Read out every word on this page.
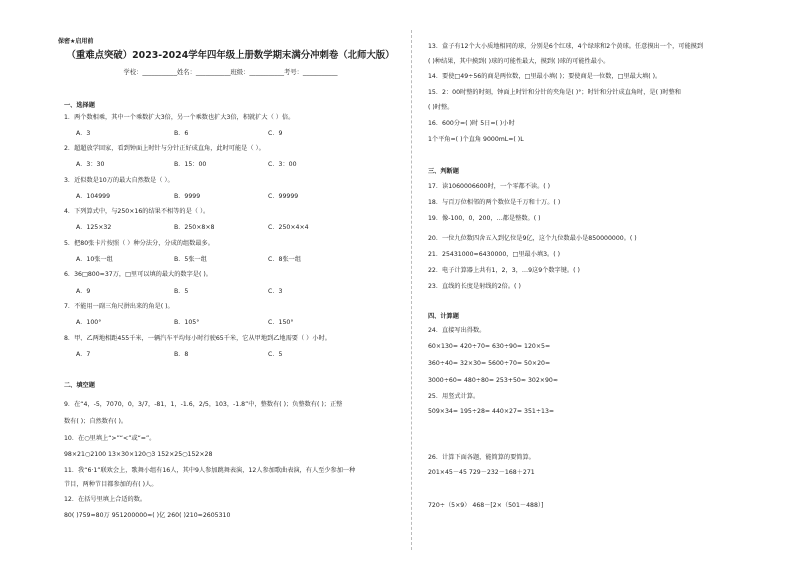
保密★启用前
（重难点突破）2023-2024学年四年级上册数学期末满分冲刺卷（北师大版）
学校：___________姓名：___________班级：___________考号：___________
一、选择题
1．两个数相乘，其中一个乘数扩大3倍，另一个乘数也扩大3倍，积就扩大（ ）倍。
A．3	B．6	C．9
2．超超放学回家，看到钟面上时针与分针正好成直角，此时可能是（ ）。
A．3：30	B．15：00	C．3：00
3．近似数是10万的最大自然数是（ ）。
A．104999	B．9999	C．99999
4．下列算式中，与250×16的结果不相等的是（ ）。
A．125×32	B．250×8×8	C．250×4×4
5．把80张卡片按照（ ）种分法分，分成的组数最多。
A．10张一组	B．5张一组	C．8张一组
6．36□800≈37万，□里可以填的最大的数字是( )。
A．9	B．5	C．3
7．不能用一副三角尺拼出来的角是( )。
A．100°	B．105°	C．150°
8．甲、乙两地相距455千米，一辆汽车平均每小时行驶65千米，它从甲地到乙地需要（ ）小时。
A．7	B．8	C．5
二、填空题
9．在“4，-5，7070，0，3/7，-81，1，-1.6，2/5，103，-1.8”中，整数有( )；负整数有( )；正整
数有( )；自然数有( )。
10．在○里填上“>”“<”或“=”。
98×21○2100 13×30×120○3 152×25○152×28
11．我“6·1”联欢会上，歌舞小组有16人，其中9人参加跳舞表演，12人参加歌曲表演，有人至少参加一种
节目，两种节目都参加的有( )人。
12．在括号里填上合适的数。
80( )759≈80万 951200000≈( )亿 260( )210≈2605310
13．盒子有12个大小质地相同的球，分别是6个红球，4个绿球和2个黄球。任意摸出一个，可能摸到
( )种结果，其中摸到( )球的可能性最大，摸到( )球的可能性最小。
14．要使□49÷56的商是两位数，□里最小填( )；要使商是一位数，□里最大填( )。
15．2：00时整的时刻，钟面上时针和分针的夹角是( )°；时针和分针成直角时，是( )时整和
( )时整。
16．600分=( )时 5日=( )小时
1个平角=( )个直角 9000mL=( )L
三、判断题
17．读1060006600时，一个零都不读。( )
18．与百万位相邻的两个数位是千万和十万。( )
19．像-100，0，200，…都是整数。( )
20．一位九位数四舍五入到亿位是9亿，这个九位数最小是850000000。( )
21．25431000≈6430000，□里最小填3。( )
22．电子计算器上共有1，2，3，…9这9个数字键。( )
23．直线的长度是射线的2倍。( )
四、计算题
24．直接写出得数。
60×130= 420÷70= 630÷90= 120×5=
360÷40= 32×30= 5600÷70= 50×20=
3000÷60= 480÷80= 253+50≈ 302×90≈
25．用竖式计算。
509×34= 195÷28= 440×27= 351÷13=
26．计算下面各题，能简算的要简算。
201×45－45 729－232－168＋271
720÷（5×9） 468－[2×（501－488）]
